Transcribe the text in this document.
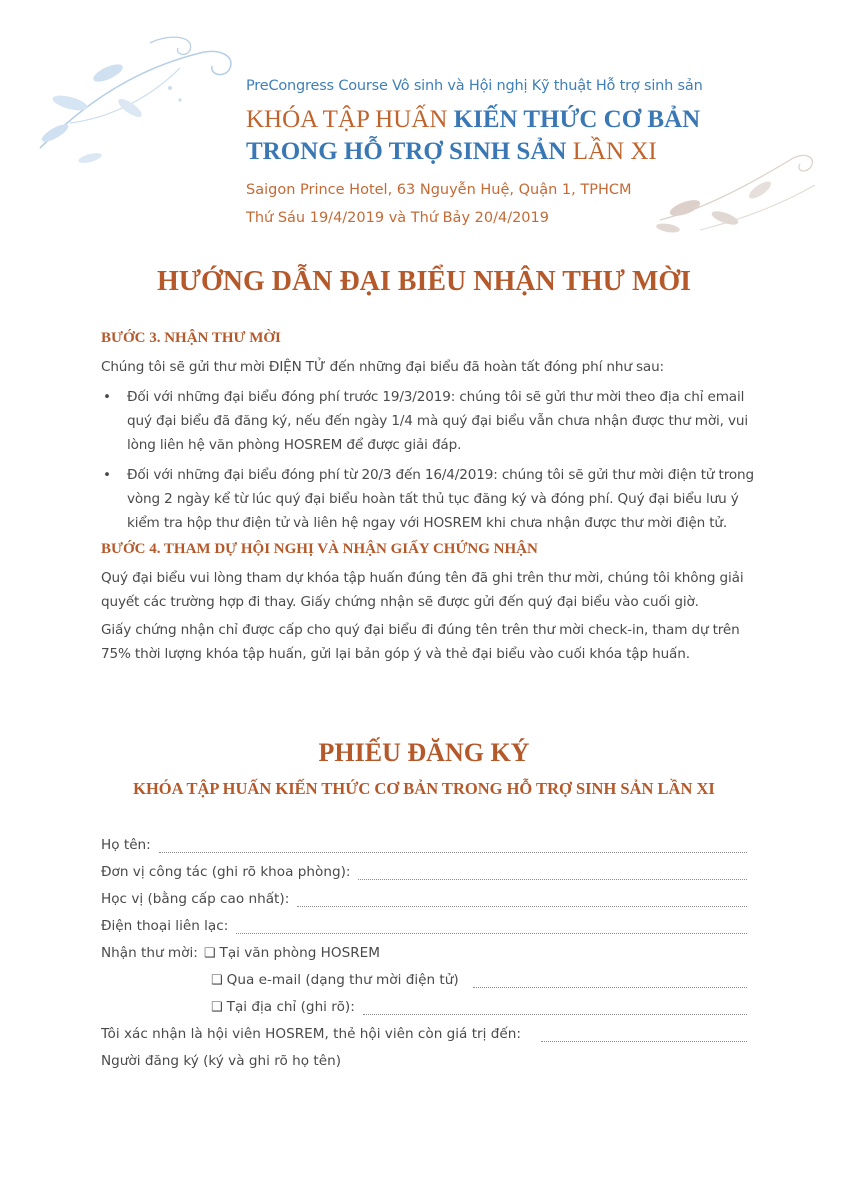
PreCongress Course Vô sinh và Hội nghị Kỹ thuật Hỗ trợ sinh sản

KHÓA TẬP HUẤN KIẾN THỨC CƠ BẢN

TRONG HỖ TRỢ SINH SẢN LẦN XI

Saigon Prince Hotel, 63 Nguyễn Huệ, Quận 1, TPHCM

Thứ Sáu 19/4/2019 và Thứ Bảy 20/4/2019

HƯỚNG DẪN ĐẠI BIỂU NHẬN THƯ MỜI
BƯỚC 3. NHẬN THƯ MỜI

Chúng tôi sẽ gửi thư mời ĐIỆN TỬ đến những đại biểu đã hoàn tất đóng phí như sau:

• Đối với những đại biểu đóng phí trước 19/3/2019: chúng tôi sẽ gửi thư mời theo địa chỉ email quý đại biểu đã đăng ký, nếu đến ngày 1/4 mà quý đại biểu vẫn chưa nhận được thư mời, vui lòng liên hệ văn phòng HOSREM để được giải đáp.
• Đối với những đại biểu đóng phí từ 20/3 đến 16/4/2019: chúng tôi sẽ gửi thư mời điện tử trong vòng 2 ngày kể từ lúc quý đại biểu hoàn tất thủ tục đăng ký và đóng phí. Quý đại biểu lưu ý kiểm tra hộp thư điện tử và liên hệ ngay với HOSREM khi chưa nhận được thư mời điện tử.
BƯỚC 4. THAM DỰ HỘI NGHỊ VÀ NHẬN GIẤY CHỨNG NHẬN

Quý đại biểu vui lòng tham dự khóa tập huấn đúng tên đã ghi trên thư mời, chúng tôi không giải quyết các trường hợp đi thay. Giấy chứng nhận sẽ được gửi đến quý đại biểu vào cuối giờ.

Giấy chứng nhận chỉ được cấp cho quý đại biểu đi đúng tên trên thư mời check-in, tham dự trên 75% thời lượng khóa tập huấn, gửi lại bản góp ý và thẻ đại biểu vào cuối khóa tập huấn.

PHIẾU ĐĂNG KÝ
KHÓA TẬP HUẤN KIẾN THỨC CƠ BẢN TRONG HỖ TRỢ SINH SẢN LẦN XI
Họ tên:
Đơn vị công tác (ghi rõ khoa phòng):
Học vị (bằng cấp cao nhất):
Điện thoại liên lạc:
Nhận thư mời: ❑ Tại văn phòng HOSREM
❑ Qua e-mail (dạng thư mời điện tử)
❑ Tại địa chỉ (ghi rõ):
Tôi xác nhận là hội viên HOSREM, thẻ hội viên còn giá trị đến:
Người đăng ký (ký và ghi rõ họ tên)
